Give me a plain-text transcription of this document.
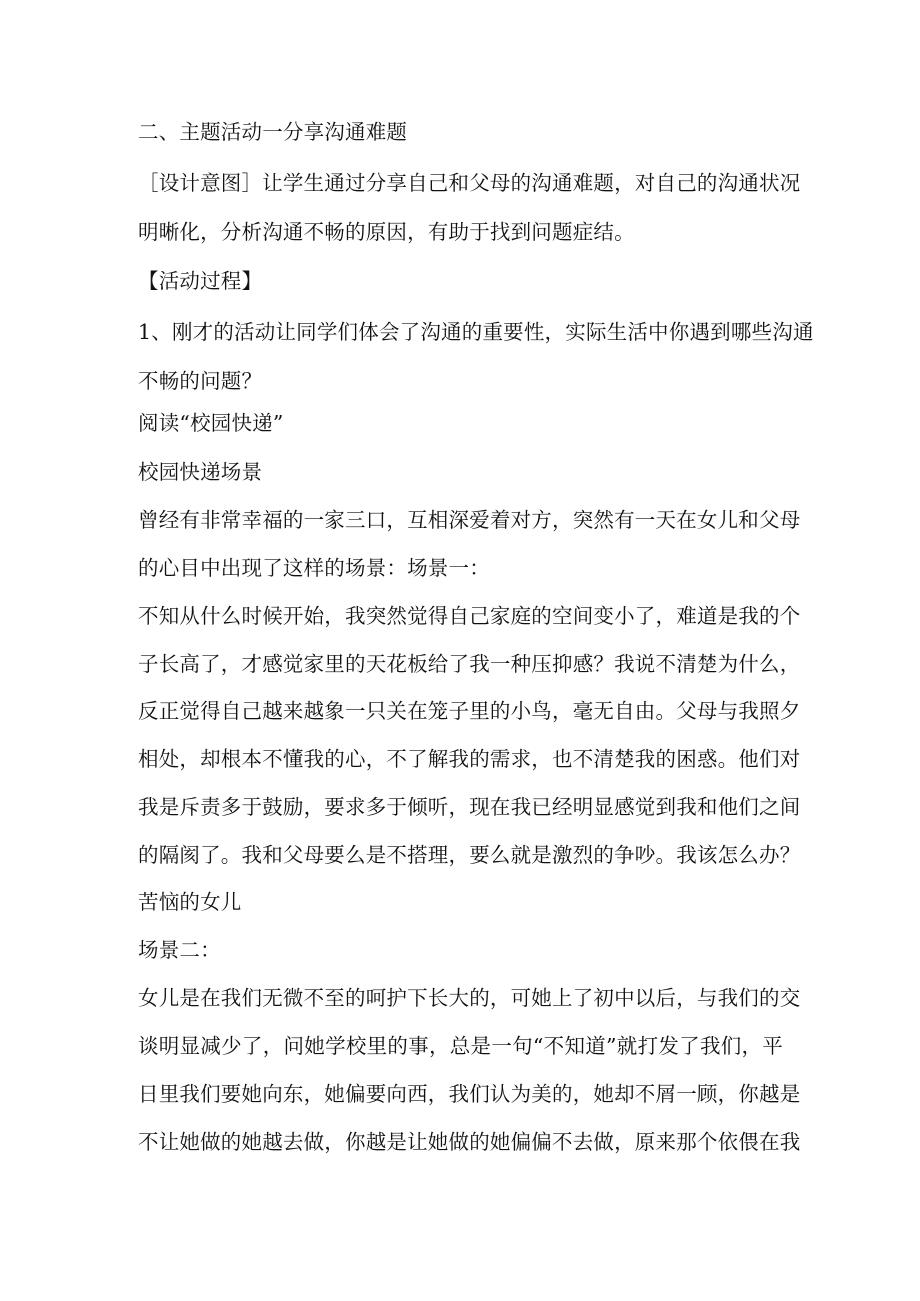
二、主题活动一分享沟通难题
［设计意图］让学生通过分享自己和父母的沟通难题，对自己的沟通状况
明晰化，分析沟通不畅的原因，有助于找到问题症结。
【活动过程】
1、刚才的活动让同学们体会了沟通的重要性，实际生活中你遇到哪些沟通
不畅的问题？
阅读“校园快递”
校园快递场景
曾经有非常幸福的一家三口，互相深爱着对方，突然有一天在女儿和父母
的心目中出现了这样的场景：场景一：
不知从什么时候开始，我突然觉得自己家庭的空间变小了，难道是我的个
子长高了，才感觉家里的天花板给了我一种压抑感？我说不清楚为什么，
反正觉得自己越来越象一只关在笼子里的小鸟，毫无自由。父母与我照夕
相处，却根本不懂我的心，不了解我的需求，也不清楚我的困惑。他们对
我是斥责多于鼓励，要求多于倾听，现在我已经明显感觉到我和他们之间
的隔阂了。我和父母要么是不搭理，要么就是激烈的争吵。我该怎么办？
苦恼的女儿
场景二：
女儿是在我们无微不至的呵护下长大的，可她上了初中以后，与我们的交
谈明显减少了，问她学校里的事，总是一句“不知道”就打发了我们，平
日里我们要她向东，她偏要向西，我们认为美的，她却不屑一顾，你越是
不让她做的她越去做，你越是让她做的她偏偏不去做，原来那个依偎在我
